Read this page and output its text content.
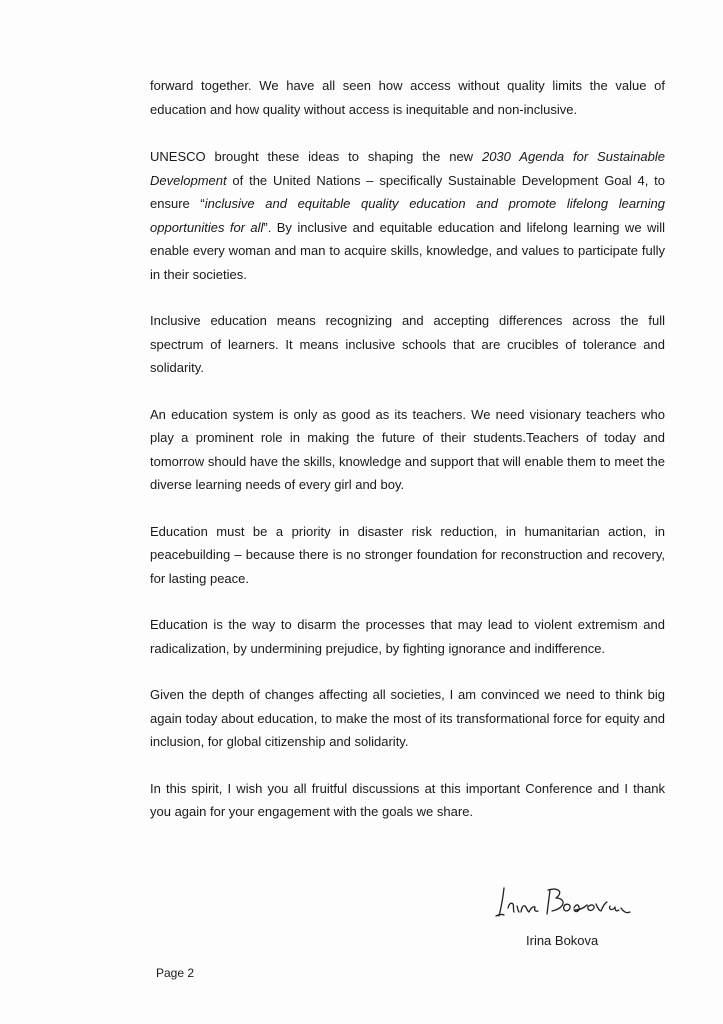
forward together. We have all seen how access without quality limits the value of education and how quality without access is inequitable and non-inclusive.

UNESCO brought these ideas to shaping the new 2030 Agenda for Sustainable Development of the United Nations – specifically Sustainable Development Goal 4, to ensure “inclusive and equitable quality education and promote lifelong learning opportunities for all”. By inclusive and equitable education and lifelong learning we will enable every woman and man to acquire skills, knowledge, and values to participate fully in their societies.

Inclusive education means recognizing and accepting differences across the full spectrum of learners. It means inclusive schools that are crucibles of tolerance and solidarity.

An education system is only as good as its teachers. We need visionary teachers who play a prominent role in making the future of their students.Teachers of today and tomorrow should have the skills, knowledge and support that will enable them to meet the diverse learning needs of every girl and boy.

Education must be a priority in disaster risk reduction, in humanitarian action, in peacebuilding – because there is no stronger foundation for reconstruction and recovery, for lasting peace.

Education is the way to disarm the processes that may lead to violent extremism and radicalization, by undermining prejudice, by fighting ignorance and indifference.

Given the depth of changes affecting all societies, I am convinced we need to think big again today about education, to make the most of its transformational force for equity and inclusion, for global citizenship and solidarity.

In this spirit, I wish you all fruitful discussions at this important Conference and I thank you again for your engagement with the goals we share.

Irina Bokova
Page 2
